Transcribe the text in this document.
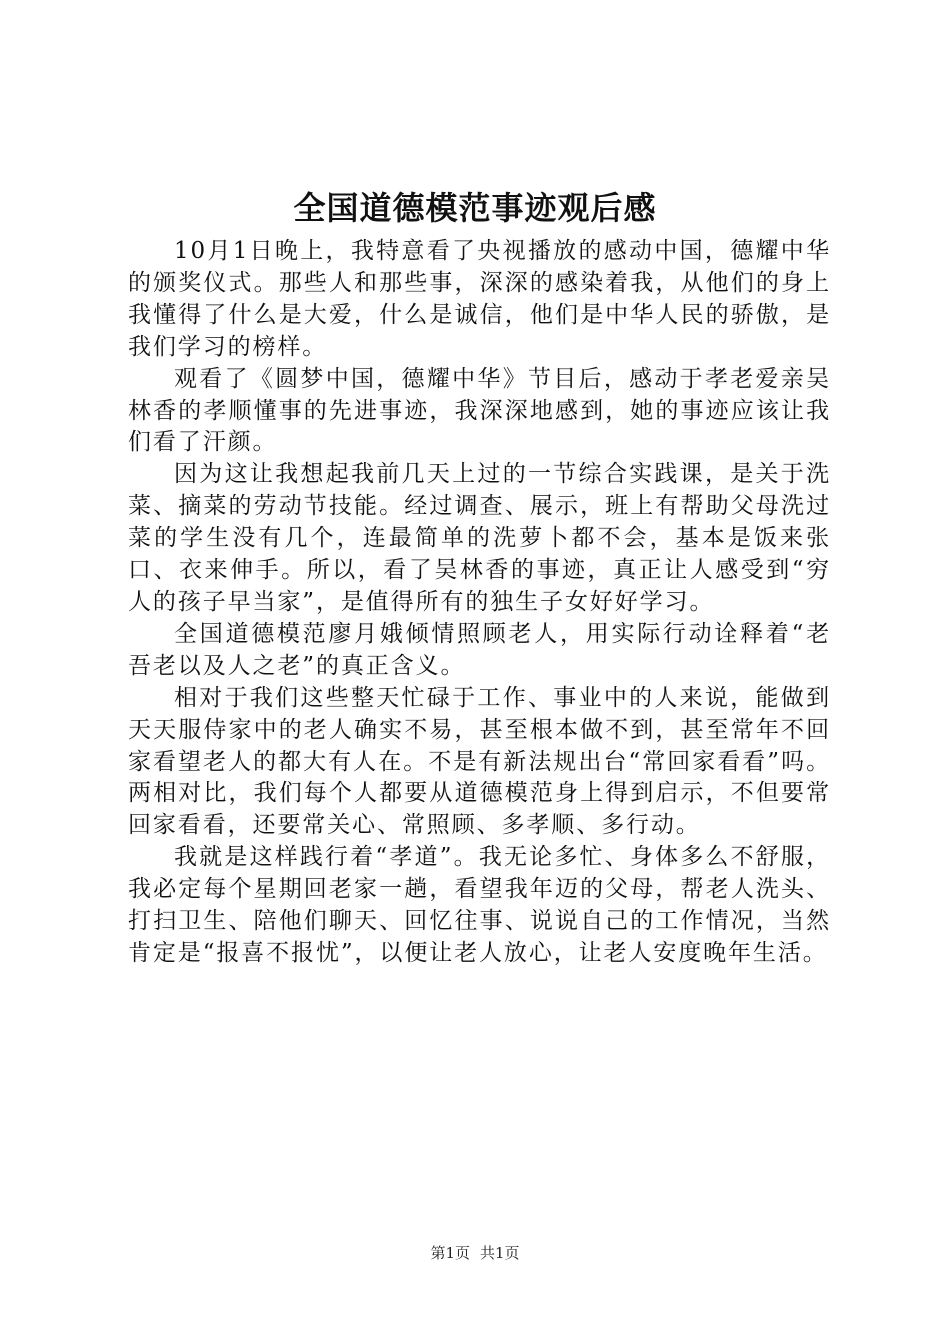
全国道德模范事迹观后感

10月1日晚上，我特意看了央视播放的感动中国，德耀中华的颁奖仪式。那些人和那些事，深深的感染着我，从他们的身上我懂得了什么是大爱，什么是诚信，他们是中华人民的骄傲，是我们学习的榜样。

观看了《圆梦中国，德耀中华》节目后，感动于孝老爱亲吴林香的孝顺懂事的先进事迹，我深深地感到，她的事迹应该让我们看了汗颜。

因为这让我想起我前几天上过的一节综合实践课，是关于洗菜、摘菜的劳动节技能。经过调查、展示，班上有帮助父母洗过菜的学生没有几个，连最简单的洗萝卜都不会，基本是饭来张口、衣来伸手。所以，看了吴林香的事迹，真正让人感受到“穷人的孩子早当家”，是值得所有的独生子女好好学习。

全国道德模范廖月娥倾情照顾老人，用实际行动诠释着“老吾老以及人之老”的真正含义。

相对于我们这些整天忙碌于工作、事业中的人来说，能做到天天服侍家中的老人确实不易，甚至根本做不到，甚至常年不回家看望老人的都大有人在。不是有新法规出台“常回家看看”吗。两相对比，我们每个人都要从道德模范身上得到启示，不但要常回家看看，还要常关心、常照顾、多孝顺、多行动。

我就是这样践行着“孝道”。我无论多忙、身体多么不舒服，我必定每个星期回老家一趟，看望我年迈的父母，帮老人洗头、打扫卫生、陪他们聊天、回忆往事、说说自己的工作情况，当然肯定是“报喜不报忧”，以便让老人放心，让老人安度晚年生活。

第1页 共1页
